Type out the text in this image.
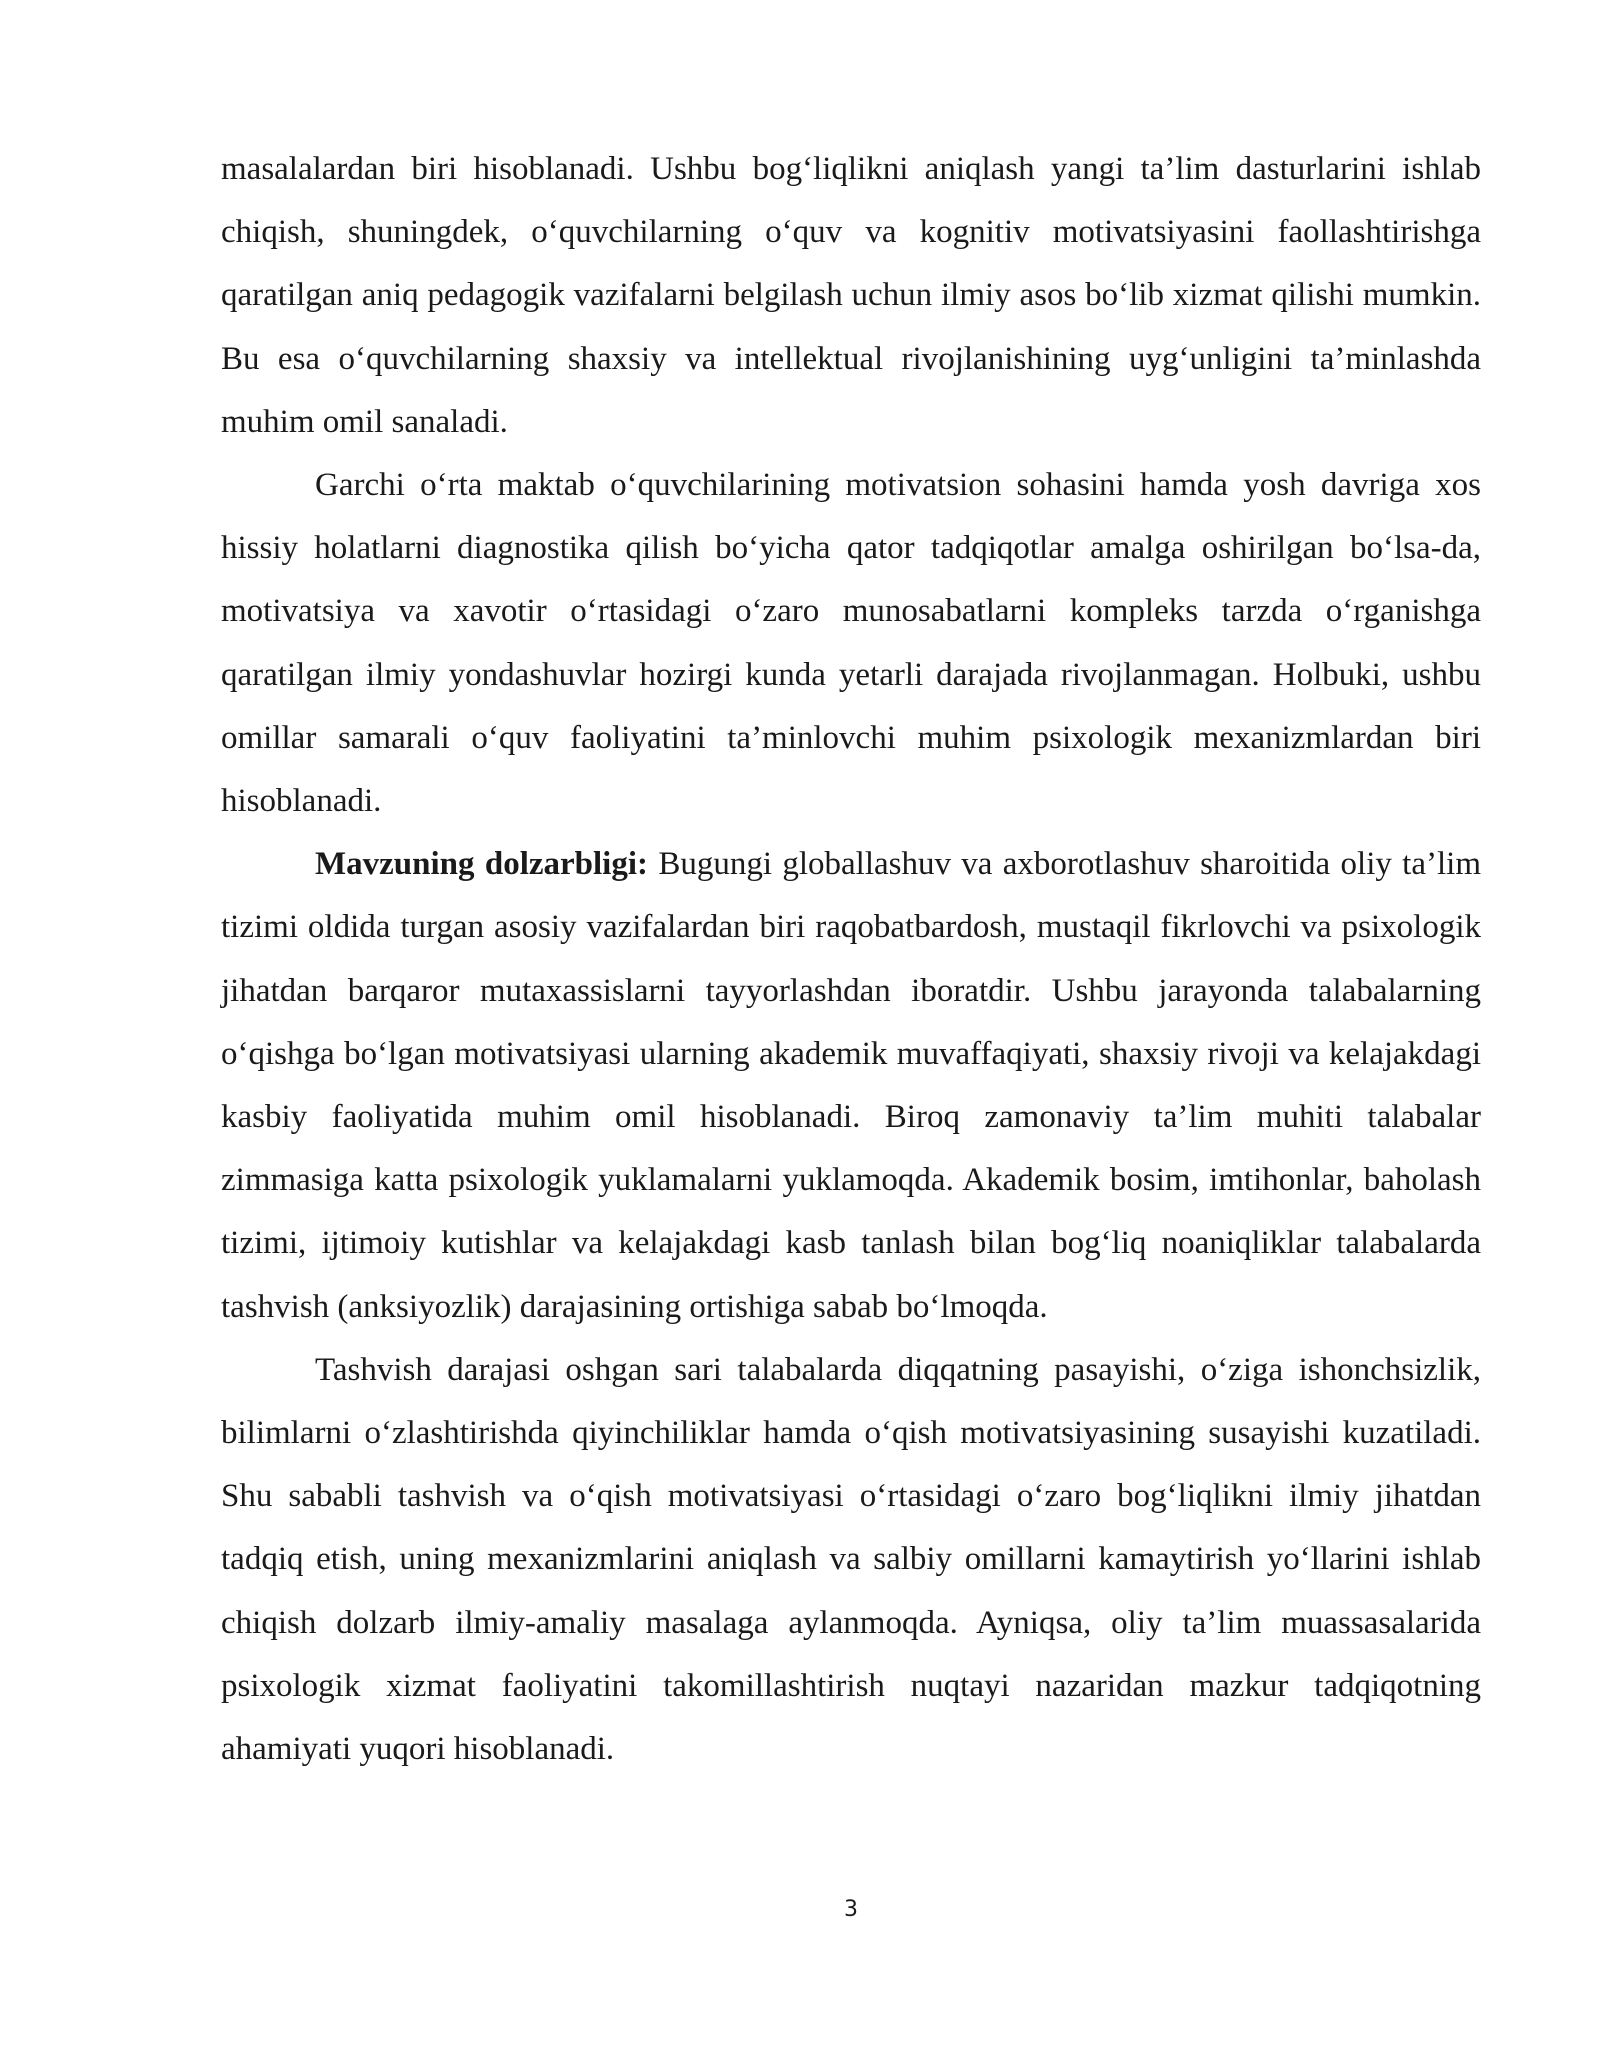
masalalardan biri hisoblanadi. Ushbu bog‘liqlikni aniqlash yangi ta’lim dasturlarini ishlab chiqish, shuningdek, o‘quvchilarning o‘quv va kognitiv motivatsiyasini faollashtirishga qaratilgan aniq pedagogik vazifalarni belgilash uchun ilmiy asos bo‘lib xizmat qilishi mumkin. Bu esa o‘quvchilarning shaxsiy va intellektual rivojlanishining uyg‘unligini ta’minlashda muhim omil sanaladi.

Garchi o‘rta maktab o‘quvchilarining motivatsion sohasini hamda yosh davriga xos hissiy holatlarni diagnostika qilish bo‘yicha qator tadqiqotlar amalga oshirilgan bo‘lsa-da, motivatsiya va xavotir o‘rtasidagi o‘zaro munosabatlarni kompleks tarzda o‘rganishga qaratilgan ilmiy yondashuvlar hozirgi kunda yetarli darajada rivojlanmagan. Holbuki, ushbu omillar samarali o‘quv faoliyatini ta’minlovchi muhim psixologik mexanizmlardan biri hisoblanadi.

Mavzuning dolzarbligi: Bugungi globallashuv va axborotlashuv sharoitida oliy ta’lim tizimi oldida turgan asosiy vazifalardan biri raqobatbardosh, mustaqil fikrlovchi va psixologik jihatdan barqaror mutaxassislarni tayyorlashdan iboratdir. Ushbu jarayonda talabalarning o‘qishga bo‘lgan motivatsiyasi ularning akademik muvaffaqiyati, shaxsiy rivoji va kelajakdagi kasbiy faoliyatida muhim omil hisoblanadi. Biroq zamonaviy ta’lim muhiti talabalar zimmasiga katta psixologik yuklamalarni yuklamoqda. Akademik bosim, imtihonlar, baholash tizimi, ijtimoiy kutishlar va kelajakdagi kasb tanlash bilan bog‘liq noaniqliklar talabalarda tashvish (anksiyozlik) darajasining ortishiga sabab bo‘lmoqda.

Tashvish darajasi oshgan sari talabalarda diqqatning pasayishi, o‘ziga ishonchsizlik, bilimlarni o‘zlashtirishda qiyinchiliklar hamda o‘qish motivatsiyasining susayishi kuzatiladi. Shu sababli tashvish va o‘qish motivatsiyasi o‘rtasidagi o‘zaro bog‘liqlikni ilmiy jihatdan tadqiq etish, uning mexanizmlarini aniqlash va salbiy omillarni kamaytirish yo‘llarini ishlab chiqish dolzarb ilmiy-amaliy masalaga aylanmoqda. Ayniqsa, oliy ta’lim muassasalarida psixologik xizmat faoliyatini takomillashtirish nuqtayi nazaridan mazkur tadqiqotning ahamiyati yuqori hisoblanadi.

3
